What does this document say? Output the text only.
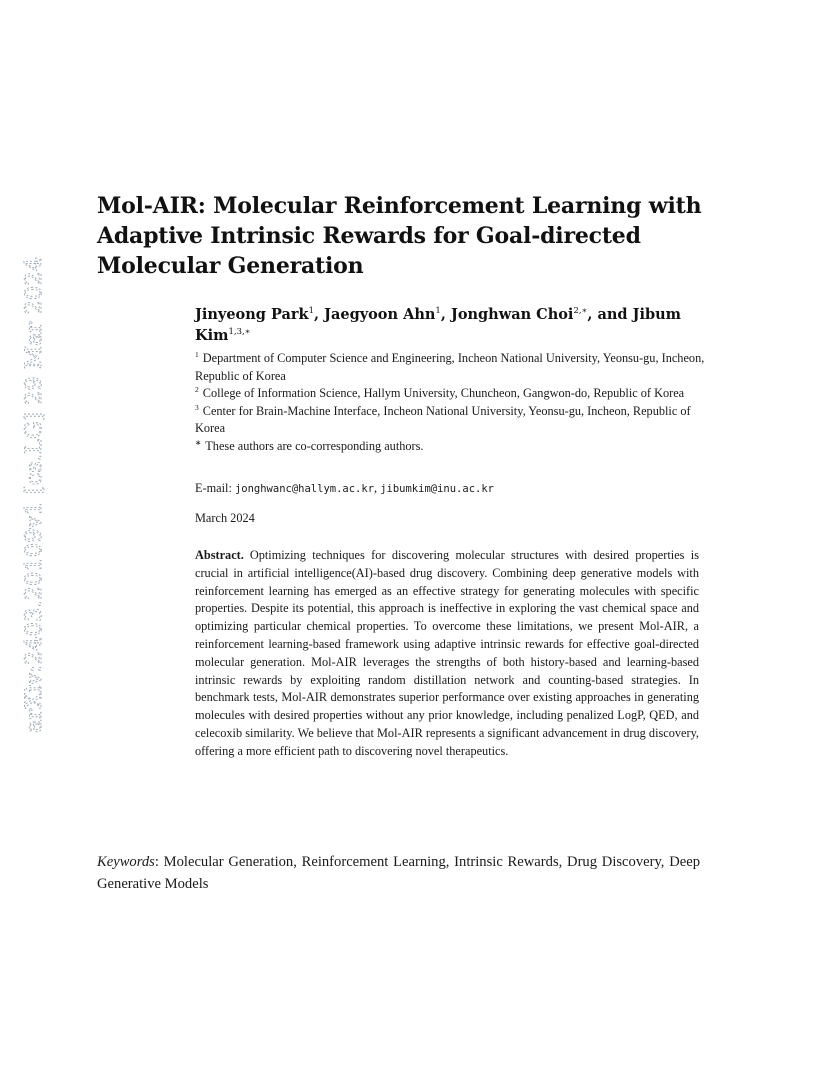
arXiv:2403.20109v1 [cs.LG] 29 Mar 2024
Mol-AIR: Molecular Reinforcement Learning with Adaptive Intrinsic Rewards for Goal-directed Molecular Generation

Jinyeong Park$^1$, Jaegyoon Ahn$^1$, Jonghwan Choi$^{2,∗}$, and Jibum Kim$^{1,3,∗}$

$^1$ Department of Computer Science and Engineering, Incheon National University, Yeonsu-gu, Incheon, Republic of Korea

$^2$ College of Information Science, Hallym University, Chuncheon, Gangwon-do, Republic of Korea

$^3$ Center for Brain-Machine Interface, Incheon National University, Yeonsu-gu, Incheon, Republic of Korea

∗ These authors are co-corresponding authors.

E-mail: jonghwanc@hallym.ac.kr, jibumkim@inu.ac.kr
March 2024

Abstract. Optimizing techniques for discovering molecular structures with desired properties is crucial in artificial intelligence(AI)-based drug discovery. Combining deep generative models with reinforcement learning has emerged as an effective strategy for generating molecules with specific properties. Despite its potential, this approach is ineffective in exploring the vast chemical space and optimizing particular chemical properties. To overcome these limitations, we present Mol-AIR, a reinforcement learning-based framework using adaptive intrinsic rewards for effective goal-directed molecular generation. Mol-AIR leverages the strengths of both history-based and learning-based intrinsic rewards by exploiting random distillation network and counting-based strategies. In benchmark tests, Mol-AIR demonstrates superior performance over existing approaches in generating molecules with desired properties without any prior knowledge, including penalized LogP, QED, and celecoxib similarity. We believe that Mol-AIR represents a significant advancement in drug discovery, offering a more efficient path to discovering novel therapeutics.

Keywords: Molecular Generation, Reinforcement Learning, Intrinsic Rewards, Drug Discovery, Deep Generative Models
